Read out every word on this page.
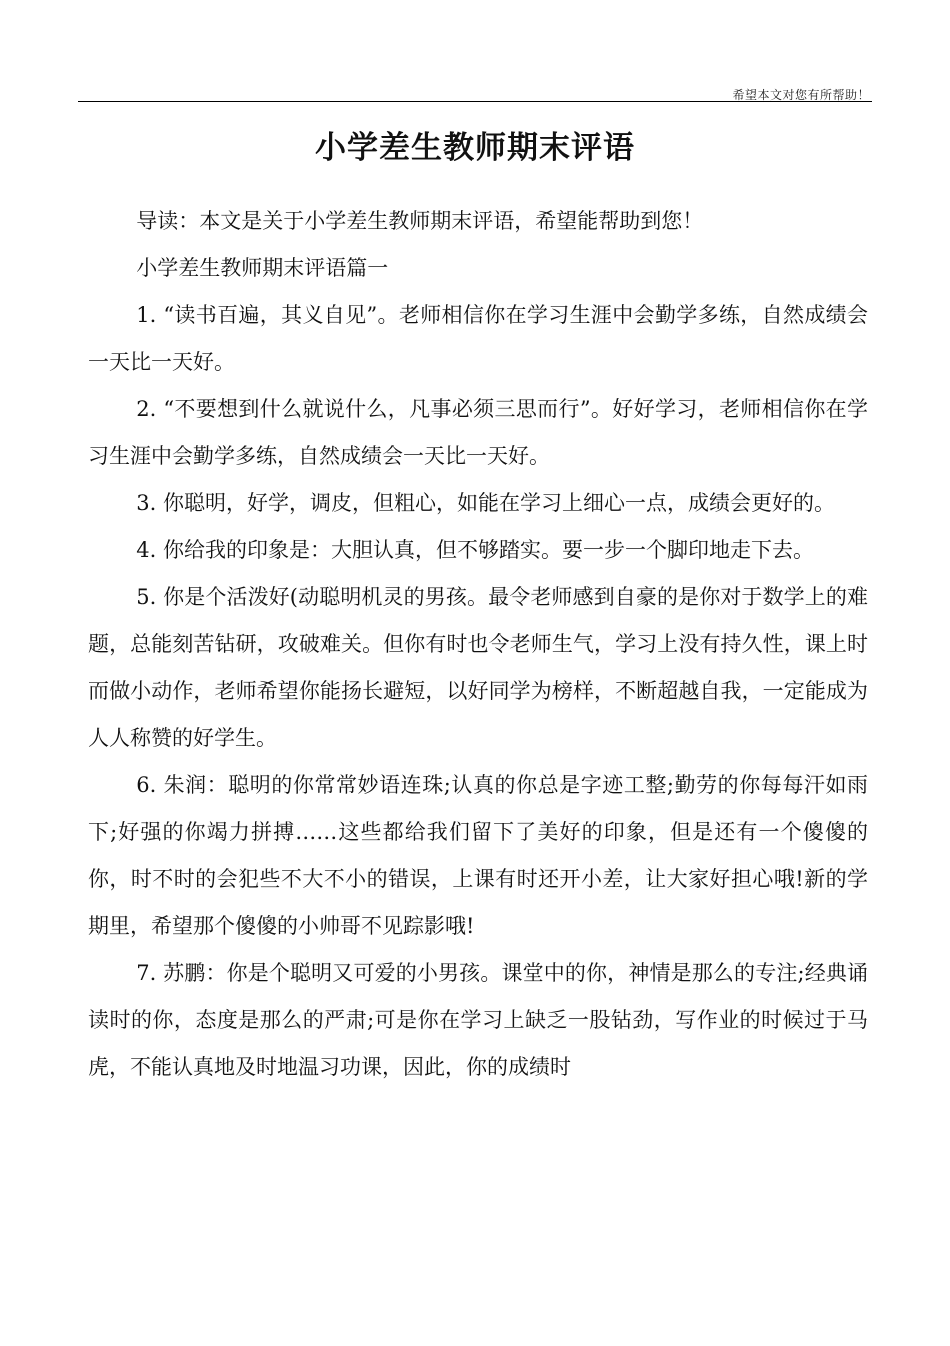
希望本文对您有所帮助！
小学差生教师期末评语

导读：本文是关于小学差生教师期末评语，希望能帮助到您！

小学差生教师期末评语篇一

1. “读书百遍，其义自见”。老师相信你在学习生涯中会勤学多练，自然成绩会一天比一天好。

2. “不要想到什么就说什么，凡事必须三思而行”。好好学习，老师相信你在学习生涯中会勤学多练，自然成绩会一天比一天好。

3. 你聪明，好学，调皮，但粗心，如能在学习上细心一点，成绩会更好的。

4. 你给我的印象是：大胆认真，但不够踏实。要一步一个脚印地走下去。

5. 你是个活泼好(动聪明机灵的男孩。最令老师感到自豪的是你对于数学上的难题，总能刻苦钻研，攻破难关。但你有时也令老师生气，学习上没有持久性，课上时而做小动作，老师希望你能扬长避短，以好同学为榜样，不断超越自我，一定能成为人人称赞的好学生。

6. 朱润：聪明的你常常妙语连珠;认真的你总是字迹工整;勤劳的你每每汗如雨下;好强的你竭力拼搏……这些都给我们留下了美好的印象，但是还有一个傻傻的你，时不时的会犯些不大不小的错误，上课有时还开小差，让大家好担心哦!新的学期里，希望那个傻傻的小帅哥不见踪影哦!

7. 苏鹏：你是个聪明又可爱的小男孩。课堂中的你，神情是那么的专注;经典诵读时的你，态度是那么的严肃;可是你在学习上缺乏一股钻劲，写作业的时候过于马虎，不能认真地及时地温习功课，因此，你的成绩时
